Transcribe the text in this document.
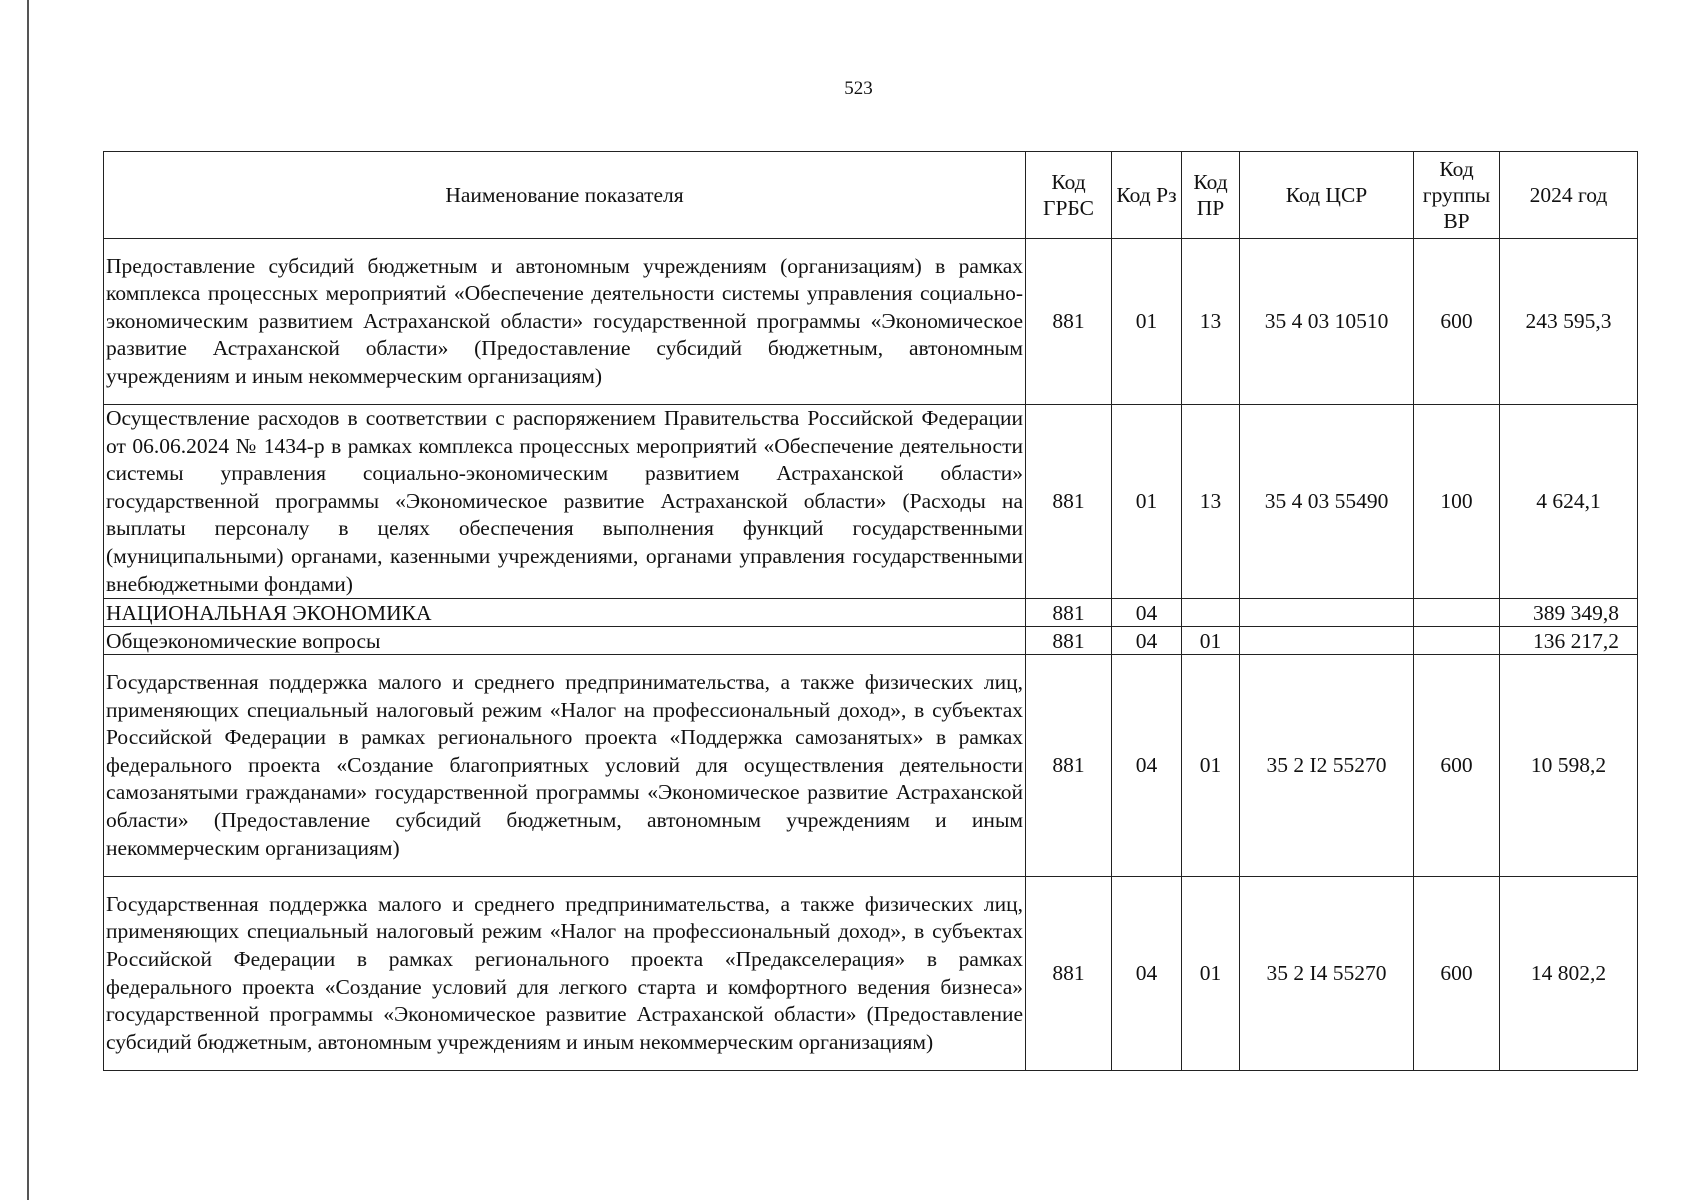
523
Наименование показателя	Код ГРБС	Код Рз	Код ПР	Код ЦСР	Код группы ВР	2024 год
Предоставление субсидий бюджетным и автономным учреждениям (организациям) в рамках комплекса процессных мероприятий «Обеспечение деятельности системы управления социально-экономическим развитием Астраханской области» государственной программы «Экономическое развитие Астраханской области» (Предоставление субсидий бюджетным, автономным учреждениям и иным некоммерческим организациям)	881	01	13	35 4 03 10510	600	243 595,3
Осуществление расходов в соответствии с распоряжением Правительства Российской Федерации от 06.06.2024 № 1434-р в рамках комплекса процессных мероприятий «Обеспечение деятельности системы управления социально-экономическим развитием Астраханской области» государственной программы «Экономическое развитие Астраханской области» (Расходы на выплаты персоналу в целях обеспечения выполнения функций государственными (муниципальными) органами, казенными учреждениями, органами управления государственными внебюджетными фондами)	881	01	13	35 4 03 55490	100	4 624,1
НАЦИОНАЛЬНАЯ ЭКОНОМИКА	881	04				389 349,8
Общеэкономические вопросы	881	04	01			136 217,2
Государственная поддержка малого и среднего предпринимательства, а также физических лиц, применяющих специальный налоговый режим «Налог на профессиональный доход», в субъектах Российской Федерации в рамках регионального проекта «Поддержка самозанятых» в рамках федерального проекта «Создание благоприятных условий для осуществления деятельности самозанятыми гражданами» государственной программы «Экономическое развитие Астраханской области» (Предоставление субсидий бюджетным, автономным учреждениям и иным некоммерческим организациям)	881	04	01	35 2 I2 55270	600	10 598,2
Государственная поддержка малого и среднего предпринимательства, а также физических лиц, применяющих специальный налоговый режим «Налог на профессиональный доход», в субъектах Российской Федерации в рамках регионального проекта «Предакселерация» в рамках федерального проекта «Создание условий для легкого старта и комфортного ведения бизнеса» государственной программы «Экономическое развитие Астраханской области» (Предоставление субсидий бюджетным, автономным учреждениям и иным некоммерческим организациям)	881	04	01	35 2 I4 55270	600	14 802,2
